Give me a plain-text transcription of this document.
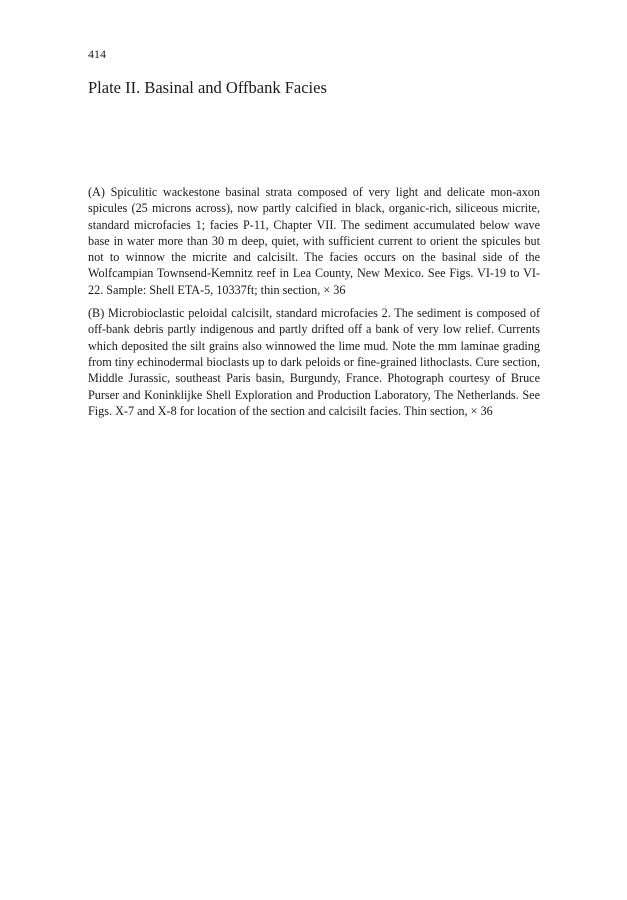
414
Plate II. Basinal and Offbank Facies

(A) Spiculitic wackestone basinal strata composed of very light and delicate mon-axon spicules (25 microns across), now partly calcified in black, organic-rich, siliceous micrite, standard microfacies 1; facies P-11, Chapter VII. The sediment accumulated below wave base in water more than 30 m deep, quiet, with sufficient current to orient the spicules but not to winnow the micrite and calcisilt. The facies occurs on the basinal side of the Wolfcampian Townsend-Kemnitz reef in Lea County, New Mexico. See Figs. VI-19 to VI-22. Sample: Shell ETA-5, 10337ft; thin section, × 36

(B) Microbioclastic peloidal calcisilt, standard microfacies 2. The sediment is composed of off-bank debris partly indigenous and partly drifted off a bank of very low relief. Currents which deposited the silt grains also winnowed the lime mud. Note the mm laminae grading from tiny echinodermal bioclasts up to dark peloids or fine-grained lithoclasts. Cure section, Middle Jurassic, southeast Paris basin, Burgundy, France. Photograph courtesy of Bruce Purser and Koninklijke Shell Exploration and Production Laboratory, The Netherlands. See Figs. X-7 and X-8 for location of the section and calcisilt facies. Thin section, × 36
